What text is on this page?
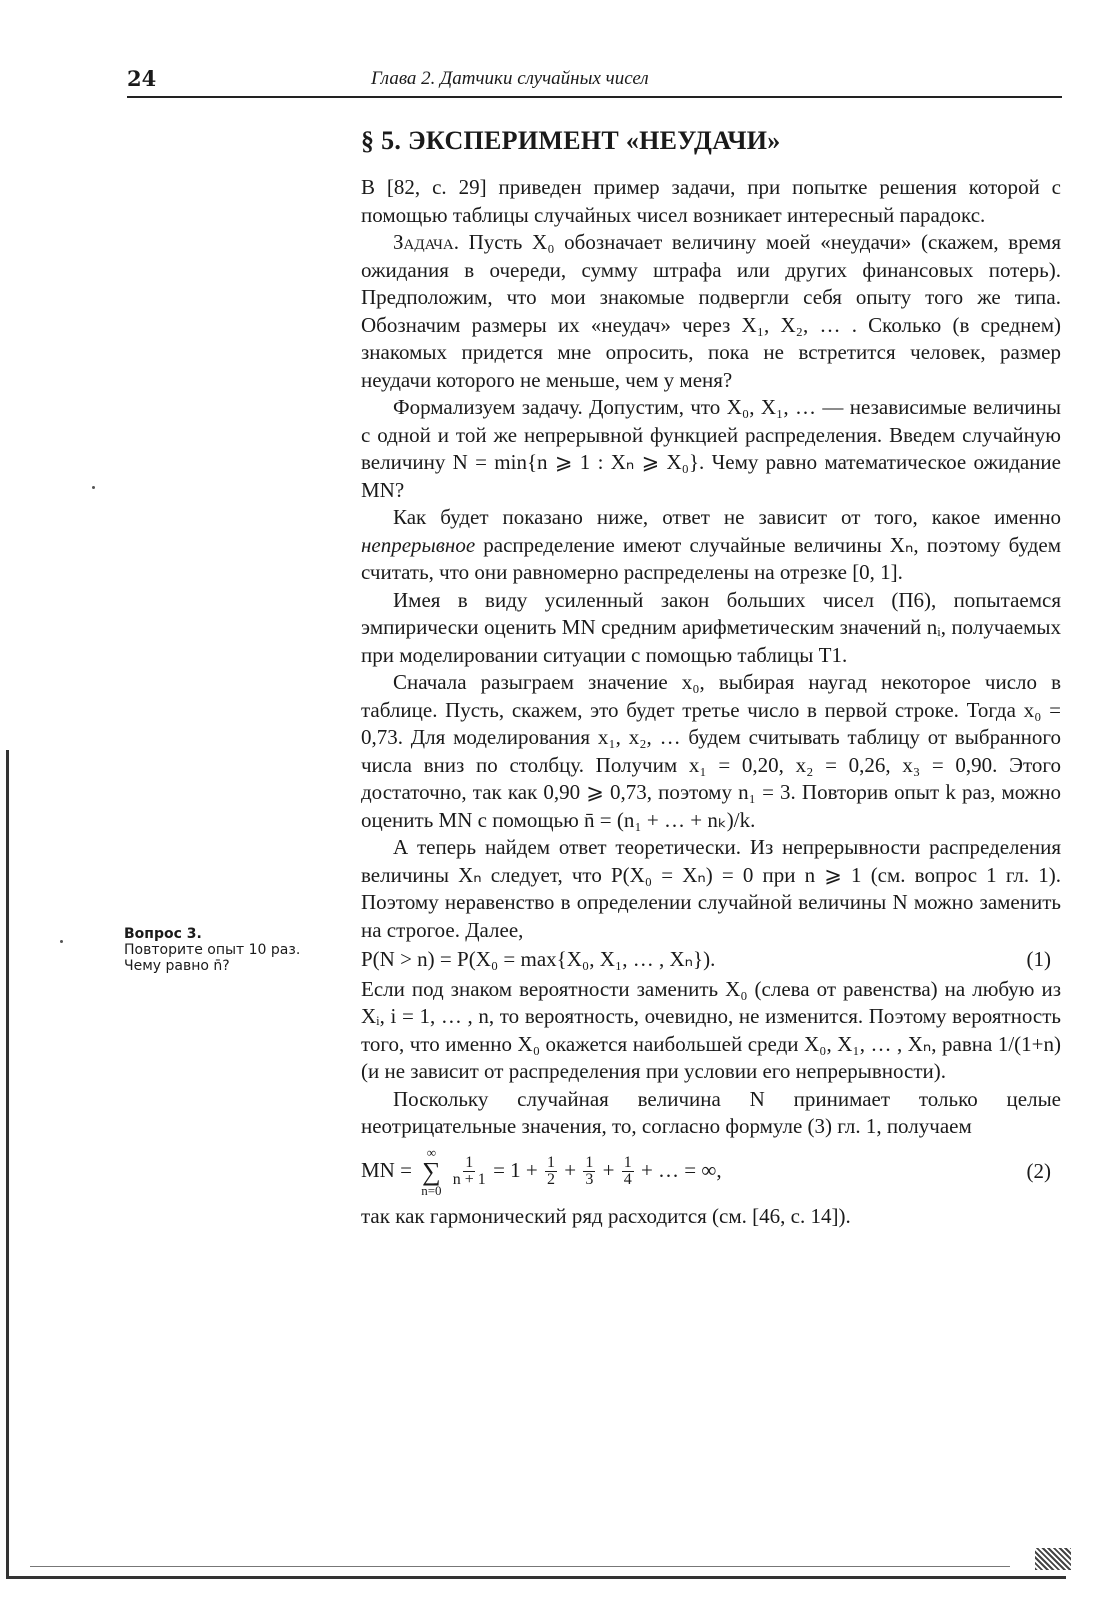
24	Глава 2. Датчики случайных чисел
§ 5. ЭКСПЕРИМЕНТ «НЕУДАЧИ»

В [82, с. 29] приведен пример задачи, при попытке решения которой с помощью таблицы случайных чисел возникает интересный парадокс.

Задача. Пусть X₀ обозначает величину моей «неудачи» (скажем, время ожидания в очереди, сумму штрафа или других финансовых потерь). Предположим, что мои знакомые подвергли себя опыту того же типа. Обозначим размеры их «неудач» через X₁, X₂, … . Сколько (в среднем) знакомых придется мне опросить, пока не встретится человек, размер неудачи которого не меньше, чем у меня?

Формализуем задачу. Допустим, что X₀, X₁, … — независимые величины с одной и той же непрерывной функцией распределения. Введем случайную величину N = min{n ⩾ 1 : Xₙ ⩾ X₀}. Чему равно математическое ожидание MN?

Как будет показано ниже, ответ не зависит от того, какое именно непрерывное распределение имеют случайные величины Xₙ, поэтому будем считать, что они равномерно распределены на отрезке [0, 1].

Имея в виду усиленный закон больших чисел (П6), попытаемся эмпирически оценить MN средним арифметическим значений nᵢ, получаемых при моделировании ситуации с помощью таблицы Т1.

Сначала разыграем значение x₀, выбирая наугад некоторое число в таблице. Пусть, скажем, это будет третье число в первой строке. Тогда x₀ = 0,73. Для моделирования x₁, x₂, … будем считывать таблицу от выбранного числа вниз по столбцу. Получим x₁ = 0,20, x₂ = 0,26, x₃ = 0,90. Этого достаточно, так как 0,90 ⩾ 0,73, поэтому n₁ = 3. Повторив опыт k раз, можно оценить MN с помощью n̄ = (n₁ + … + nₖ)/k.

А теперь найдем ответ теоретически. Из непрерывности распределения величины Xₙ следует, что P(X₀ = Xₙ) = 0 при n ⩾ 1 (см. вопрос 1 гл. 1). Поэтому неравенство в определении случайной величины N можно заменить на строгое. Далее,

P(N > n) = P(X₀ = max{X₀, X₁, … , Xₙ}).	(1)

Если под знаком вероятности заменить X₀ (слева от равенства) на любую из Xᵢ, i = 1, … , n, то вероятность, очевидно, не изменится. Поэтому вероятность того, что именно X₀ окажется наибольшей среди X₀, X₁, … , Xₙ, равна 1/(1+n) (и не зависит от распределения при условии его непрерывности).

Поскольку случайная величина N принимает только целые неотрицательные значения, то, согласно формуле (3) гл. 1, получаем

MN =
∞
∑
n=0

$\frac{1}{n + 1} = 1 + \frac{1}{2} + \frac{1}{3} + \frac{1}{4}$ + … = ∞,	(2)

так как гармонический ряд расходится (см. [46, с. 14]).

Вопрос 3.
Повторите опыт 10 раз.
Чему равно n̄?
